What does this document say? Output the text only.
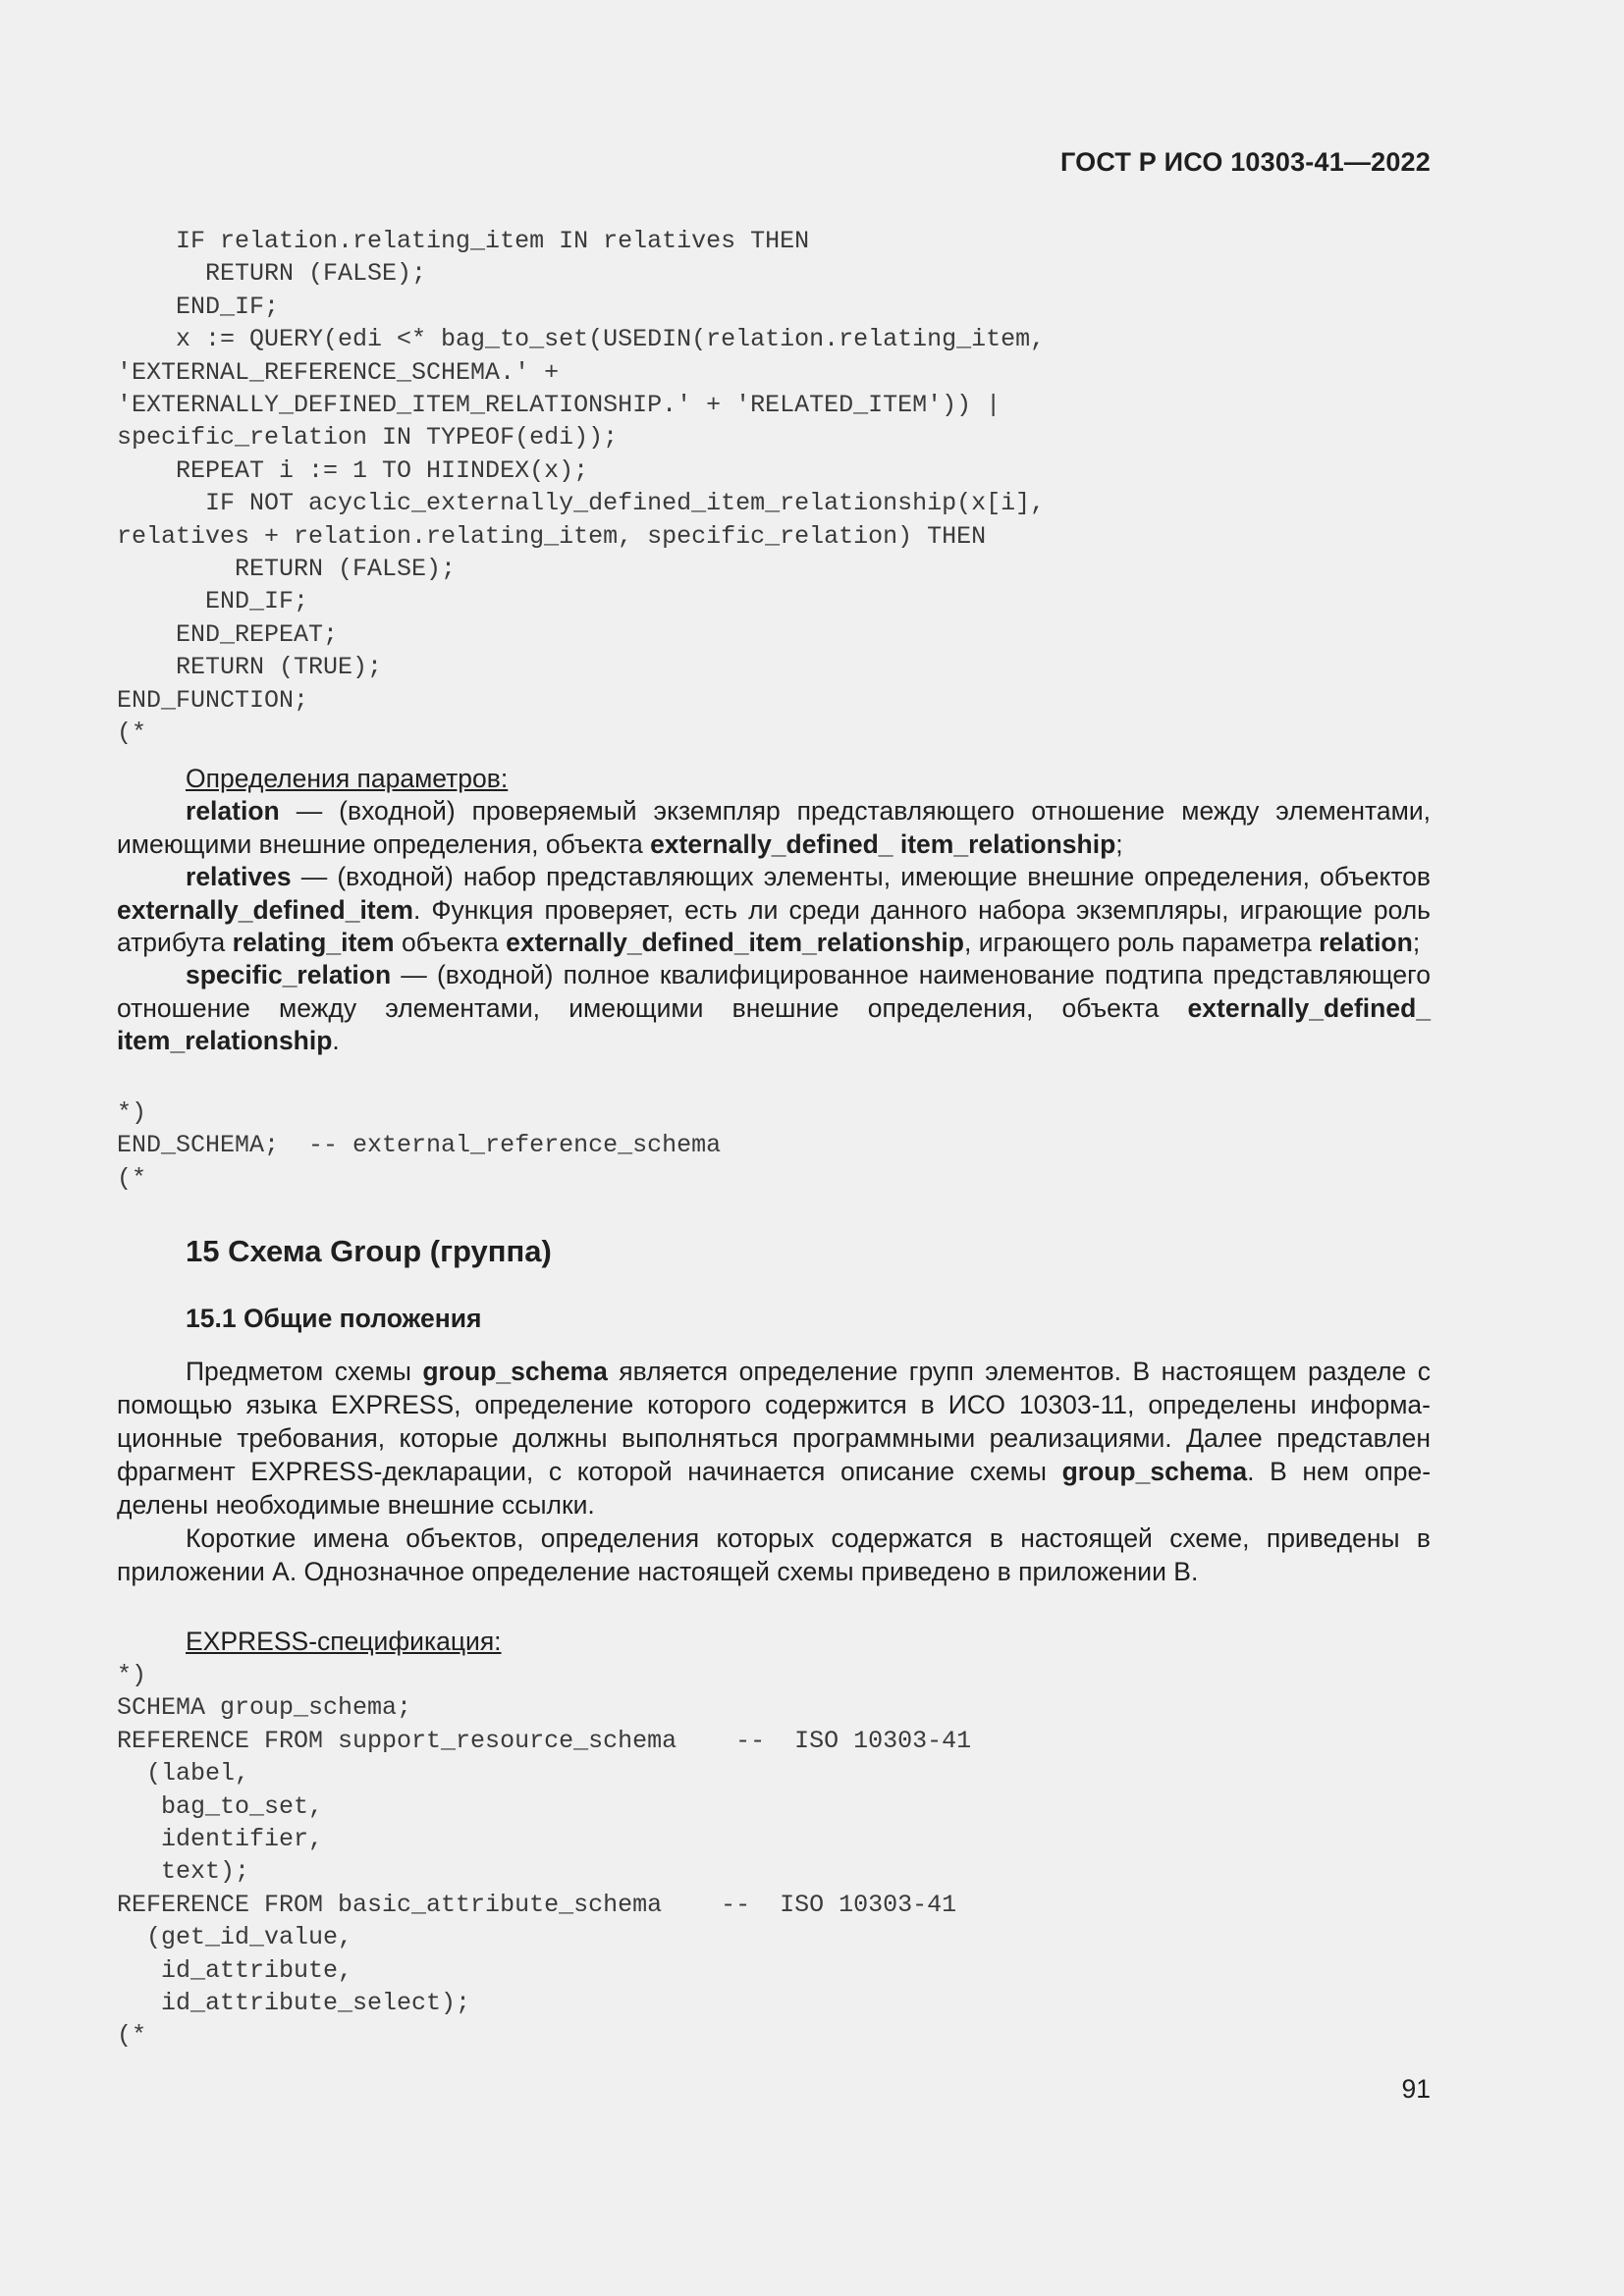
ГОСТ Р ИСО 10303-41—2022
IF relation.relating_item IN relatives THEN
RETURN (FALSE);
END_IF;
x := QUERY(edi <* bag_to_set(USEDIN(relation.relating_item,
'EXTERNAL_REFERENCE_SCHEMA.' +
'EXTERNALLY_DEFINED_ITEM_RELATIONSHIP.' + 'RELATED_ITEM')) |
specific_relation IN TYPEOF(edi));
REPEAT i := 1 TO HIINDEX(x);
IF NOT acyclic_externally_defined_item_relationship(x[i],
relatives + relation.relating_item, specific_relation) THEN
RETURN (FALSE);
END_IF;
END_REPEAT;
RETURN (TRUE);
END_FUNCTION;
(*

Определения параметров:

relation — (входной) проверяемый экземпляр представляющего отношение между элементами, имеющими внешние определения, объекта externally_defined_ item_relationship;

relatives — (входной) набор представляющих элементы, имеющие внешние определения, объектов externally_defined_item. Функция проверяет, есть ли среди данного набора экземпляры, играющие роль атрибута relating_item объекта externally_defined_item_relationship, играющего роль параметра relation;

specific_relation — (входной) полное квалифицированное наименование подтипа представляющего отношение между элементами, имеющими внешние определения, объекта externally_defined_ item_relationship.

*)
END_SCHEMA;  -- external_reference_schema
(*
15 Схема Group (группа)
15.1 Общие положения

Предметом схемы group_schema является определение групп элементов. В настоящем разделе с помощью языка EXPRESS, определение которого содержится в ИСО 10303-11, определены информационные требования, которые должны выполняться программными реализациями. Далее представлен фрагмент EXPRESS-декларации, с которой начинается описание схемы group_schema. В нем определены необходимые внешние ссылки.

Короткие имена объектов, определения которых содержатся в настоящей схеме, приведены в приложении А. Однозначное определение настоящей схемы приведено в приложении В.

EXPRESS-спецификация:
*)
SCHEMA group_schema;
REFERENCE FROM support_resource_schema    --  ISO 10303-41
(label,
bag_to_set,
identifier,
text);
REFERENCE FROM basic_attribute_schema    --  ISO 10303-41
(get_id_value,
id_attribute,
id_attribute_select);
(*
91
